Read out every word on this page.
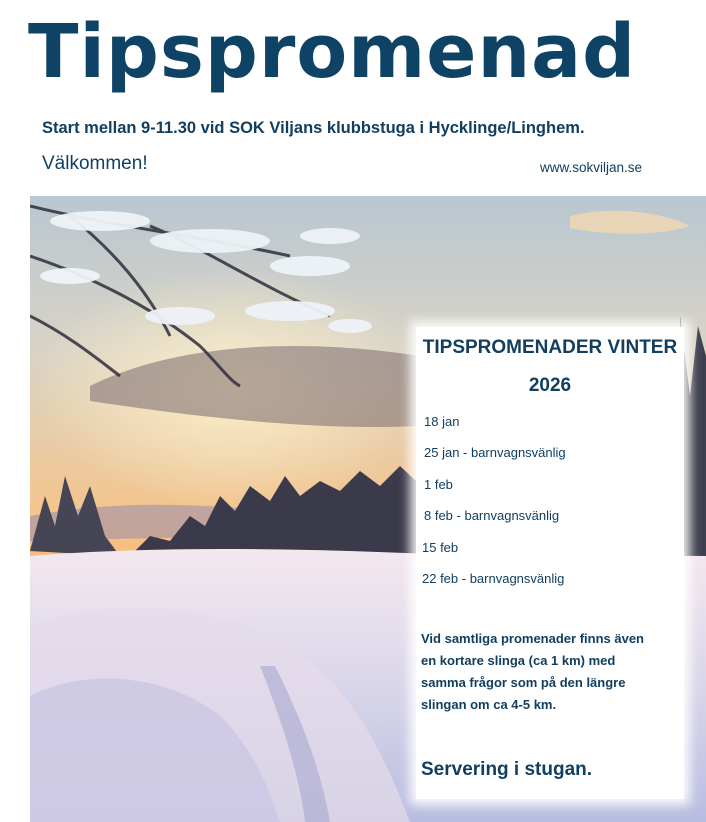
Tipspromenad
Start mellan 9-11.30 vid SOK Viljans klubbstuga i Hycklinge/Linghem.
Välkommen!	www.sokviljan.se
TIPSPROMENADER VINTER
2026
18 jan
25 jan - barnvagnsvänlig
1 feb
8 feb - barnvagnsvänlig
15 feb
22 feb - barnvagnsvänlig
Vid samtliga promenader finns även
en kortare slinga (ca 1 km) med
samma frågor som på den längre
slingan om ca 4-5 km.
Servering i stugan.
